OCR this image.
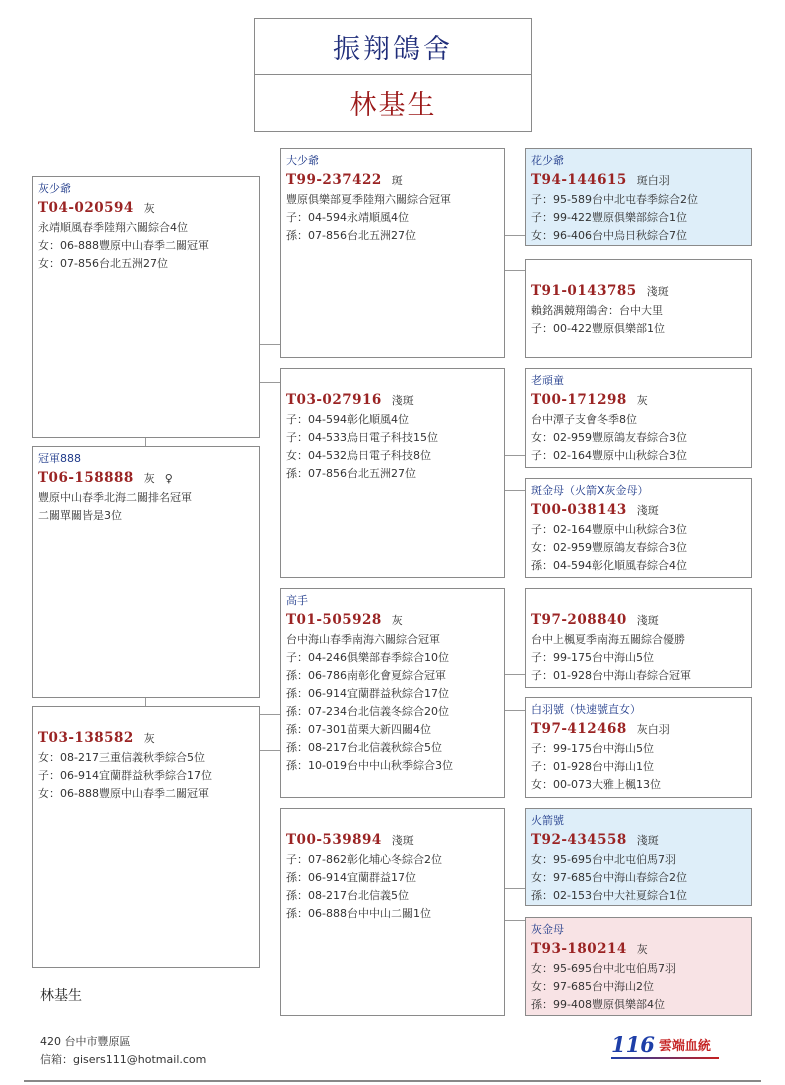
振翔鴿舍
林基生
灰少爺
T04-020594 灰
永靖順風春季陸翔六關綜合4位
女：06-888豐原中山春季二關冠軍
女：07-856台北五洲27位
冠軍888
T06-158888 灰 ♀
豐原中山春季北海二關排名冠軍
二關單關皆是3位
T03-138582 灰
女：08-217三重信義秋季綜合5位
子：06-914宜蘭群益秋季綜合17位
女：06-888豐原中山春季二關冠軍
大少爺
T99-237422 斑
豐原俱樂部夏季陸翔六關綜合冠軍
子：04-594永靖順風4位
孫：07-856台北五洲27位
T03-027916 淺斑
子：04-594彰化順風4位
子：04-533烏日電子科技15位
女：04-532烏日電子科技8位
孫：07-856台北五洲27位
高手
T01-505928 灰
台中海山春季南海六關綜合冠軍
子：04-246俱樂部春季綜合10位
孫：06-786南彰化會夏綜合冠軍
孫：06-914宜蘭群益秋綜合17位
孫：07-234台北信義冬綜合20位
孫：07-301苗栗大新四關4位
孫：08-217台北信義秋綜合5位
孫：10-019台中中山秋季綜合3位
T00-539894 淺斑
子：07-862彰化埔心冬綜合2位
孫：06-914宜蘭群益17位
孫：08-217台北信義5位
孫：06-888台中中山二關1位
花少爺
T94-144615 斑白羽
子：95-589台中北屯春季綜合2位
子：99-422豐原俱樂部綜合1位
女：96-406台中烏日秋綜合7位
T91-0143785 淺斑
賴銘湡競翔鴿舍：台中大里
子：00-422豐原俱樂部1位
老頑童
T00-171298 灰
台中潭子支會冬季8位
女：02-959豐原鴿友春綜合3位
子：02-164豐原中山秋綜合3位
斑金母（火箭X灰金母）
T00-038143 淺斑
子：02-164豐原中山秋綜合3位
女：02-959豐原鴿友春綜合3位
孫：04-594彰化順風春綜合4位
T97-208840 淺斑
台中上楓夏季南海五關綜合優勝
子：99-175台中海山5位
子：01-928台中海山春綜合冠軍
白羽號（快速號直女）
T97-412468 灰白羽
子：99-175台中海山5位
子：01-928台中海山1位
女：00-073大雅上楓13位
火箭號
T92-434558 淺斑
女：95-695台中北屯伯馬7羽
女：97-685台中海山春綜合2位
孫：02-153台中大社夏綜合1位
灰金母
T93-180214 灰
女：95-695台中北屯伯馬7羽
女：97-685台中海山2位
孫：99-408豐原俱樂部4位
林基生
420 台中市豐原區
信箱：gisers111@hotmail.com
116 雲端血統
